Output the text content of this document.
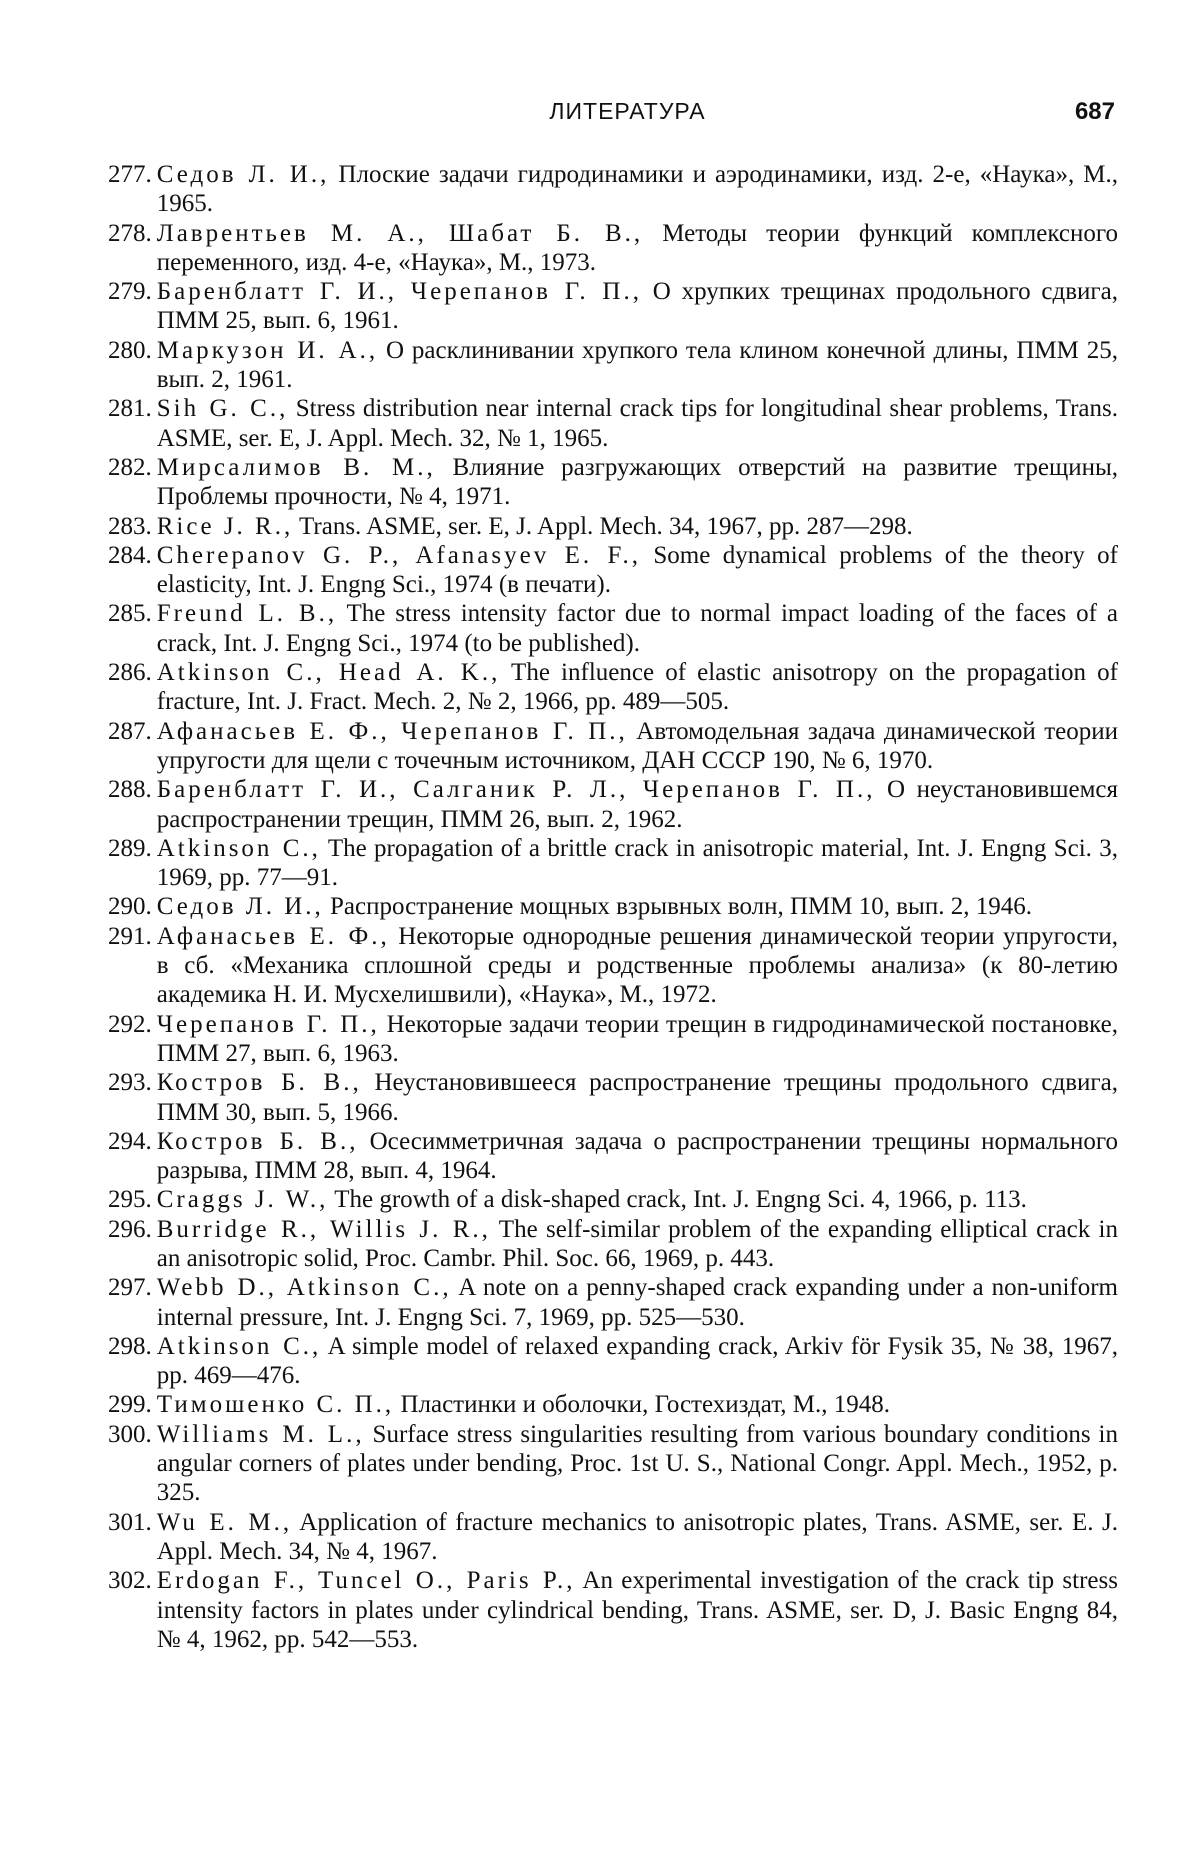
ЛИТЕРАТУРА	687
277. Седов Л. И., Плоские задачи гидродинамики и аэродинамики, изд. 2-е, «Наука», М., 1965.
278. Лаврентьев М. А., Шабат Б. В., Методы теории функций комплексного переменного, изд. 4-е, «Наука», М., 1973.
279. Баренблатт Г. И., Черепанов Г. П., О хрупких трещинах продольного сдвига, ПММ 25, вып. 6, 1961.
280. Маркузон И. А., О расклинивании хрупкого тела клином конечной длины, ПММ 25, вып. 2, 1961.
281. Sih G. C., Stress distribution near internal crack tips for longitudinal shear problems, Trans. ASME, ser. E, J. Appl. Mech. 32, № 1, 1965.
282. Мирсалимов В. М., Влияние разгружающих отверстий на развитие трещины, Проблемы прочности, № 4, 1971.
283. Rice J. R., Trans. ASME, ser. E, J. Appl. Mech. 34, 1967, pp. 287—298.
284. Cherepanov G. P., Afanasyev E. F., Some dynamical problems of the theory of elasticity, Int. J. Engng Sci., 1974 (в печати).
285. Freund L. B., The stress intensity factor due to normal impact loading of the faces of a crack, Int. J. Engng Sci., 1974 (to be published).
286. Atkinson C., Head A. K., The influence of elastic anisotropy on the propagation of fracture, Int. J. Fract. Mech. 2, № 2, 1966, pp. 489—505.
287. Афанасьев Е. Ф., Черепанов Г. П., Автомодельная задача динамической теории упругости для щели с точечным источником, ДАН СССР 190, № 6, 1970.
288. Баренблатт Г. И., Салганик Р. Л., Черепанов Г. П., О неустановившемся распространении трещин, ПММ 26, вып. 2, 1962.
289. Atkinson C., The propagation of a brittle crack in anisotropic material, Int. J. Engng Sci. 3, 1969, pp. 77—91.
290. Седов Л. И., Распространение мощных взрывных волн, ПММ 10, вып. 2, 1946.
291. Афанасьев Е. Ф., Некоторые однородные решения динамической теории упругости, в сб. «Механика сплошной среды и родственные проблемы анализа» (к 80-летию академика Н. И. Мусхелишвили), «Наука», М., 1972.
292. Черепанов Г. П., Некоторые задачи теории трещин в гидродинамической постановке, ПММ 27, вып. 6, 1963.
293. Костров Б. В., Неустановившееся распространение трещины продольного сдвига, ПММ 30, вып. 5, 1966.
294. Костров Б. В., Осесимметричная задача о распространении трещины нормального разрыва, ПММ 28, вып. 4, 1964.
295. Craggs J. W., The growth of a disk-shaped crack, Int. J. Engng Sci. 4, 1966, p. 113.
296. Burridge R., Willis J. R., The self-similar problem of the expanding elliptical crack in an anisotropic solid, Proc. Cambr. Phil. Soc. 66, 1969, p. 443.
297. Webb D., Atkinson C., A note on a penny-shaped crack expanding under a non-uniform internal pressure, Int. J. Engng Sci. 7, 1969, pp. 525—530.
298. Atkinson C., A simple model of relaxed expanding crack, Arkiv för Fysik 35, № 38, 1967, pp. 469—476.
299. Тимошенко С. П., Пластинки и оболочки, Гостехиздат, М., 1948.
300. Williams M. L., Surface stress singularities resulting from various boundary conditions in angular corners of plates under bending, Proc. 1st U. S., National Congr. Appl. Mech., 1952, p. 325.
301. Wu E. M., Application of fracture mechanics to anisotropic plates, Trans. ASME, ser. E. J. Appl. Mech. 34, № 4, 1967.
302. Erdogan F., Tuncel O., Paris P., An experimental investigation of the crack tip stress intensity factors in plates under cylindrical bending, Trans. ASME, ser. D, J. Basic Engng 84, № 4, 1962, pp. 542—553.
